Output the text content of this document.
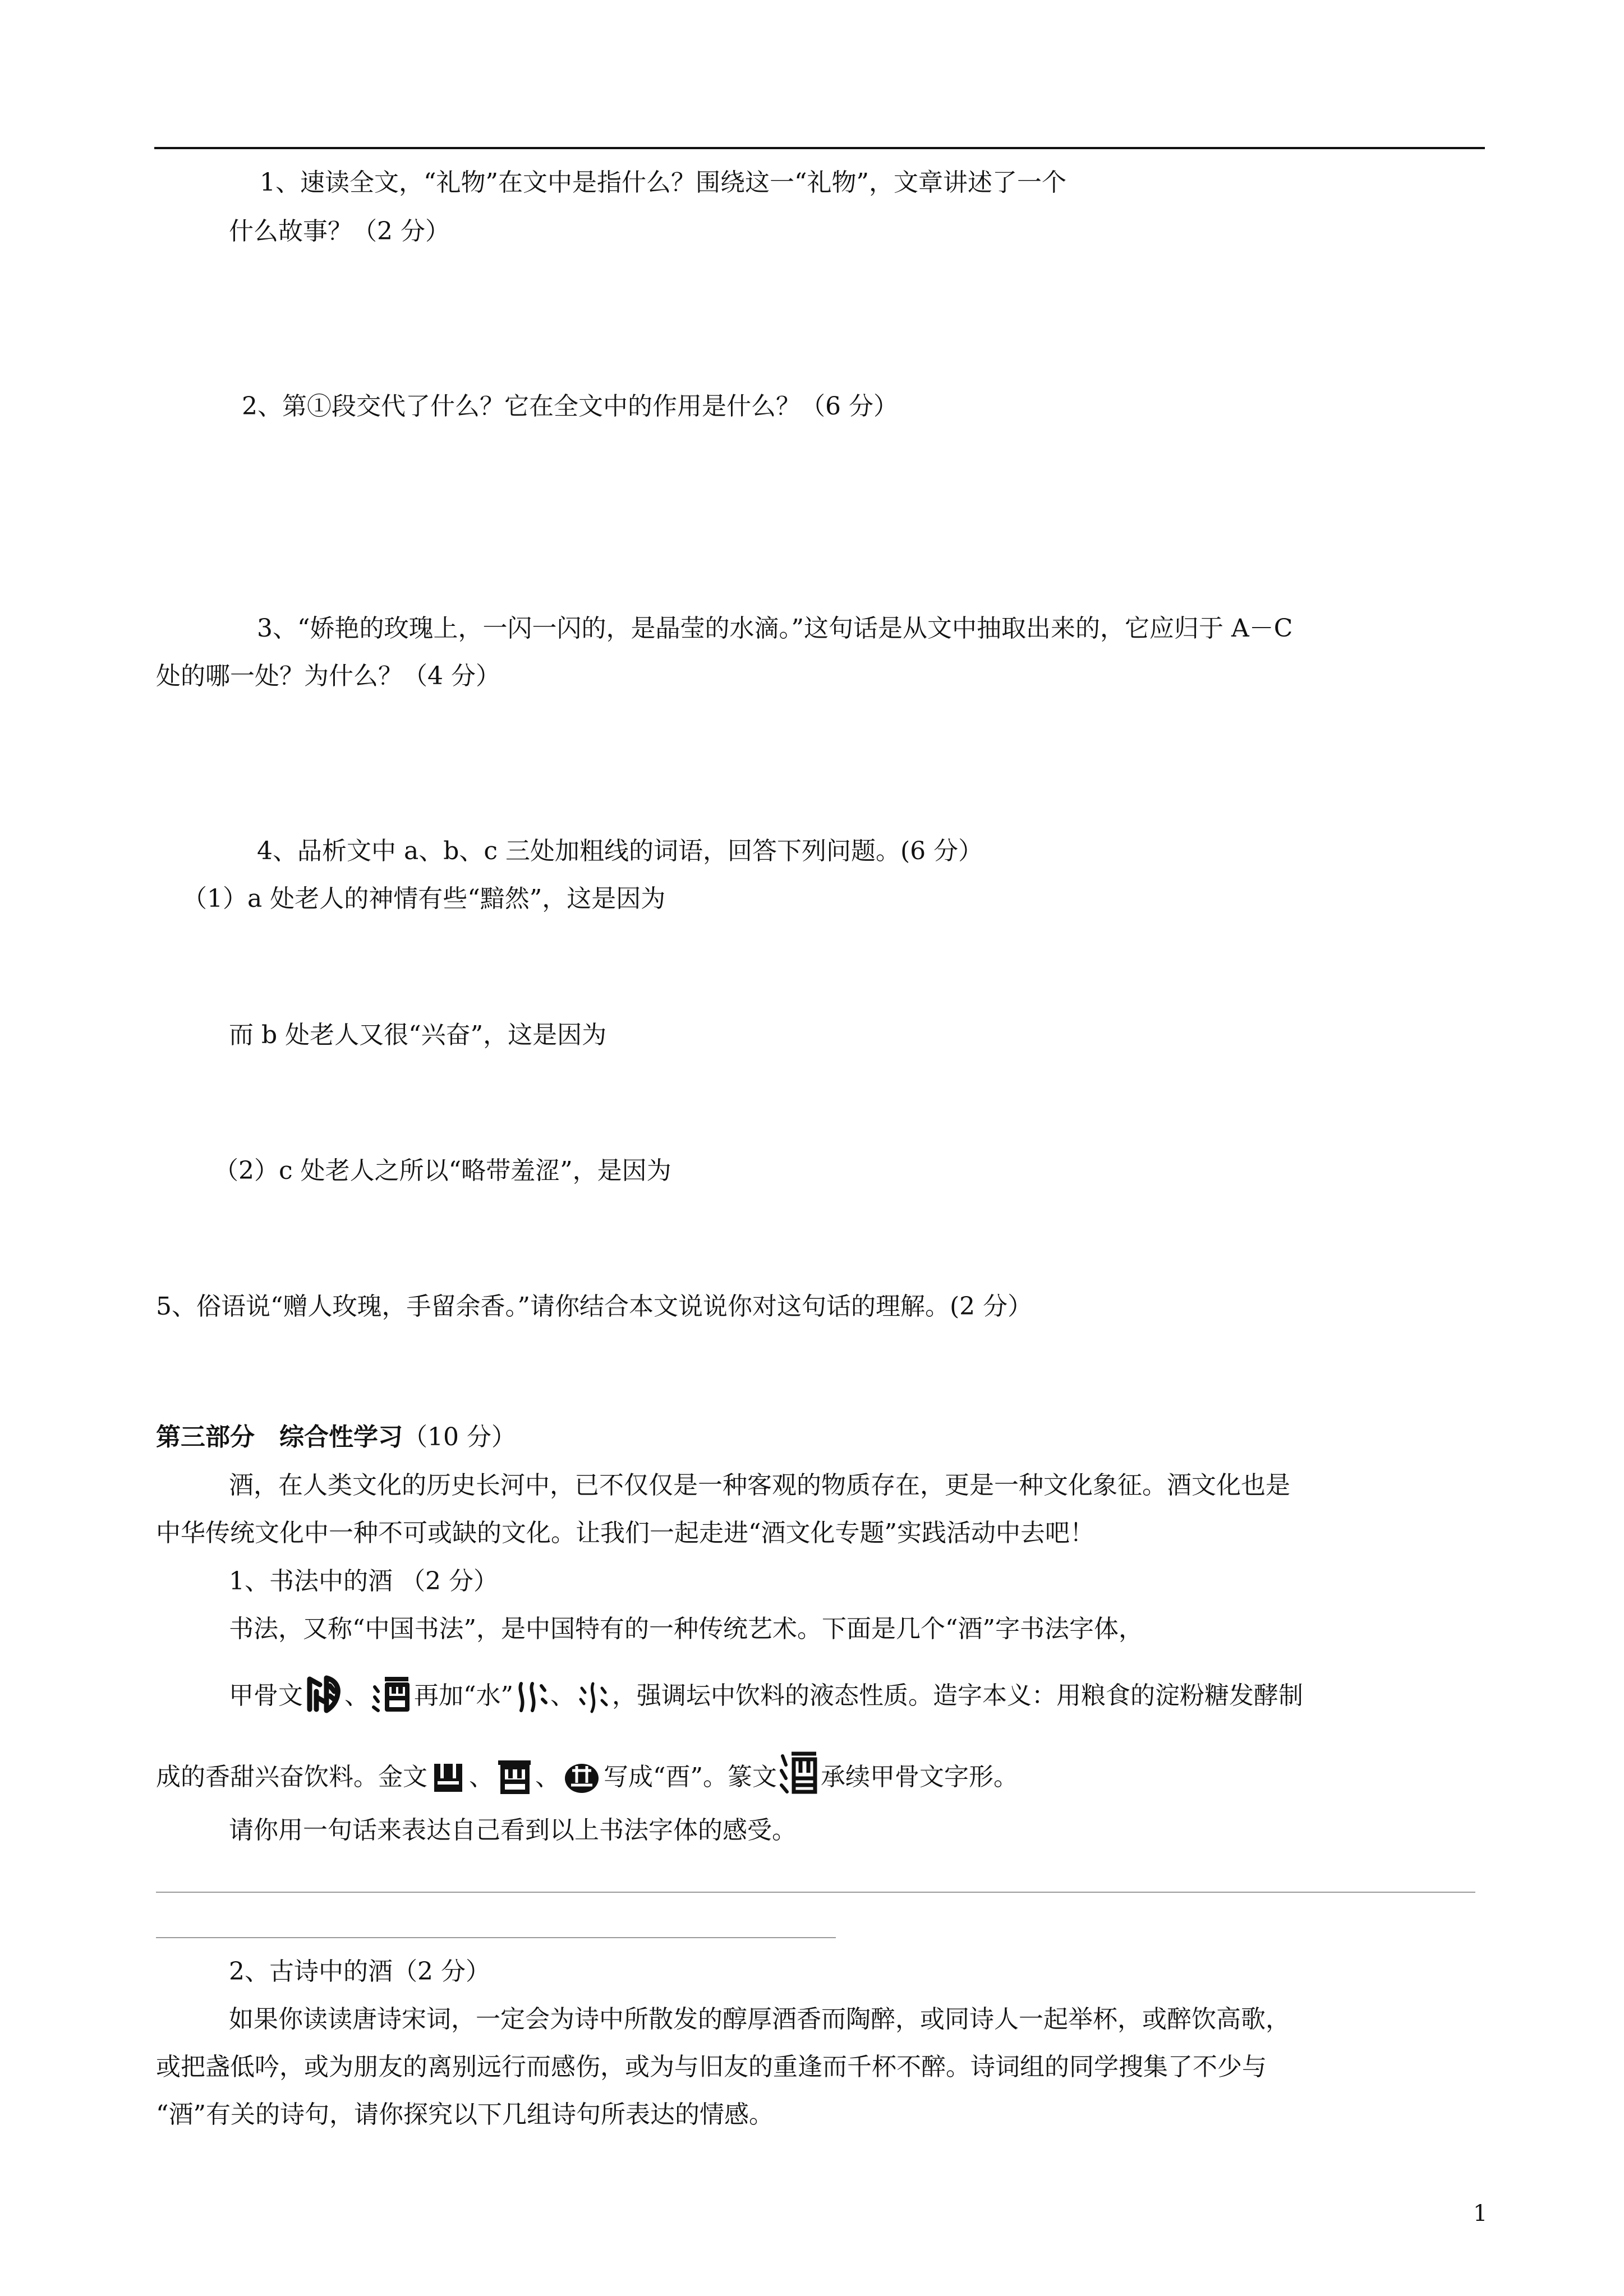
1、速读全文，“礼物”在文中是指什么？围绕这一“礼物”，文章讲述了一个
什么故事？（2 分）
2、第①段交代了什么？它在全文中的作用是什么？（6 分）
3、“娇艳的玫瑰上，一闪一闪的，是晶莹的水滴。”这句话是从文中抽取出来的，它应归于 A－C
处的哪一处？为什么？（4 分）
4、品析文中 a、b、c 三处加粗线的词语，回答下列问题。(6 分）
（1）a 处老人的神情有些“黯然”，这是因为
而 b 处老人又很“兴奋”，这是因为
（2）c 处老人之所以“略带羞涩”，是因为
5、俗语说“赠人玫瑰，手留余香。”请你结合本文说说你对这句话的理解。(2 分）
第三部分　综合性学习（10 分）
酒，在人类文化的历史长河中，已不仅仅是一种客观的物质存在，更是一种文化象征。酒文化也是
中华传统文化中一种不可或缺的文化。让我们一起走进“酒文化专题”实践活动中去吧！
1、书法中的酒 （2 分）
书法，又称“中国书法”，是中国特有的一种传统艺术。下面是几个“酒”字书法字体，
甲骨文 、 再加“水” 、 ，强调坛中饮料的液态性质。造字本义：用粮食的淀粉糖发酵制
成的香甜兴奋饮料。金文 、 、 写成“酉”。篆文 承续甲骨文字形。
请你用一句话来表达自己看到以上书法字体的感受。
2、古诗中的酒（2 分）
如果你读读唐诗宋词，一定会为诗中所散发的醇厚酒香而陶醉，或同诗人一起举杯，或醉饮高歌，
或把盏低吟，或为朋友的离别远行而感伤，或为与旧友的重逢而千杯不醉。诗词组的同学搜集了不少与
“酒”有关的诗句，请你探究以下几组诗句所表达的情感。
1
